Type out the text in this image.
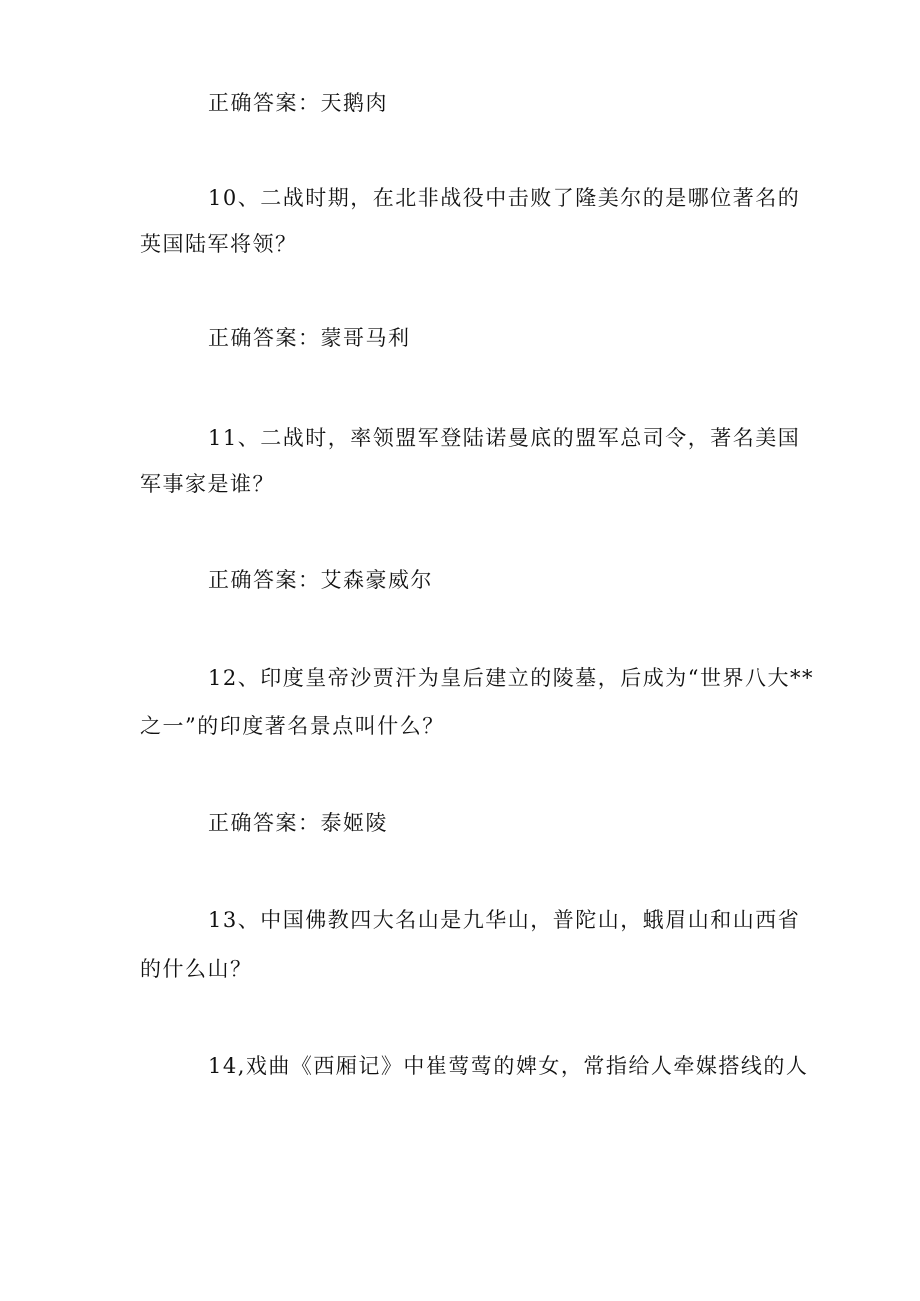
正确答案：天鹅肉
10、二战时期，在北非战役中击败了隆美尔的是哪位著名的
英国陆军将领？
正确答案：蒙哥马利
11、二战时，率领盟军登陆诺曼底的盟军总司令，著名美国
军事家是谁？
正确答案：艾森豪威尔
12、印度皇帝沙贾汗为皇后建立的陵墓，后成为“世界八大**
之一”的印度著名景点叫什么？
正确答案：泰姬陵
13、中国佛教四大名山是九华山，普陀山，蛾眉山和山西省
的什么山？
14,戏曲《西厢记》中崔莺莺的婢女，常指给人牵媒搭线的人
